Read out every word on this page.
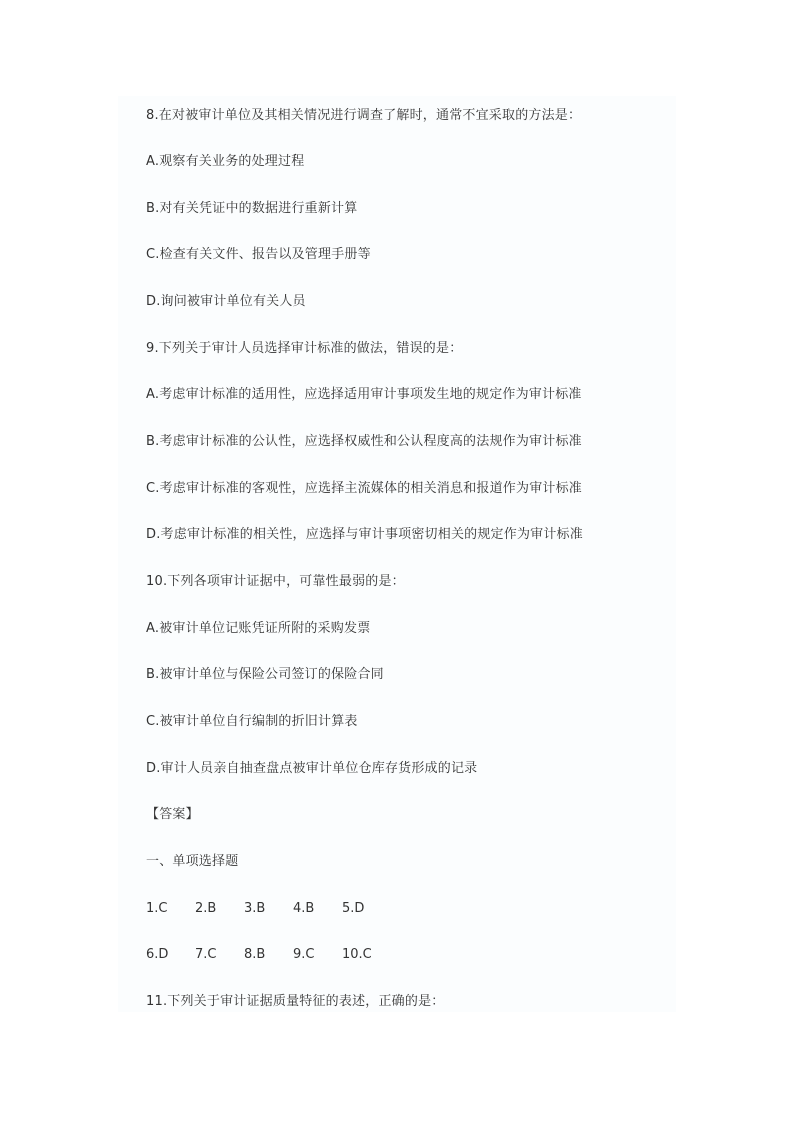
8.在对被审计单位及其相关情况进行调查了解时，通常不宜采取的方法是：
A.观察有关业务的处理过程
B.对有关凭证中的数据进行重新计算
C.检查有关文件、报告以及管理手册等
D.询问被审计单位有关人员
9.下列关于审计人员选择审计标准的做法，错误的是：
A.考虑审计标准的适用性，应选择适用审计事项发生地的规定作为审计标准
B.考虑审计标准的公认性，应选择权威性和公认程度高的法规作为审计标准
C.考虑审计标准的客观性，应选择主流媒体的相关消息和报道作为审计标准
D.考虑审计标准的相关性，应选择与审计事项密切相关的规定作为审计标准
10.下列各项审计证据中，可靠性最弱的是：
A.被审计单位记账凭证所附的采购发票
B.被审计单位与保险公司签订的保险合同
C.被审计单位自行编制的折旧计算表
D.审计人员亲自抽查盘点被审计单位仓库存货形成的记录
【答案】
一、单项选择题
1.C 2.B 3.B 4.B 5.D
6.D 7.C 8.B 9.C 10.C
11.下列关于审计证据质量特征的表述，正确的是：
